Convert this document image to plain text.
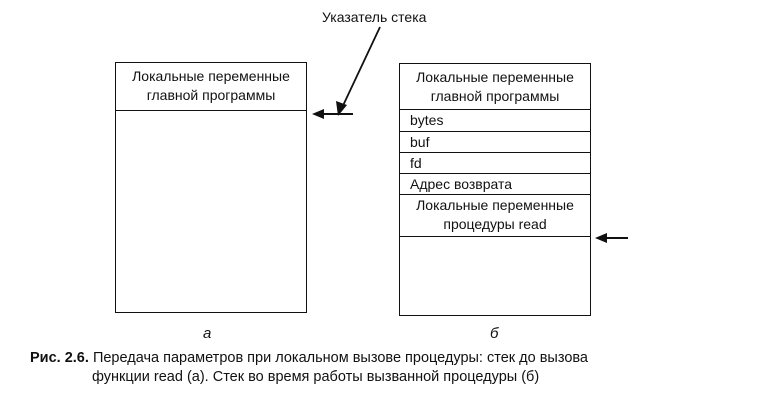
Указатель стека
Локальные переменные главной программы
а
Локальные переменные главной программы
bytes
buf
fd
Адрес возврата
Локальные переменные процедуры read
б
Рис. 2.6. Передача параметров при локальном вызове процедуры: стек до вызова
функции read (а). Стек во время работы вызванной процедуры (б)
